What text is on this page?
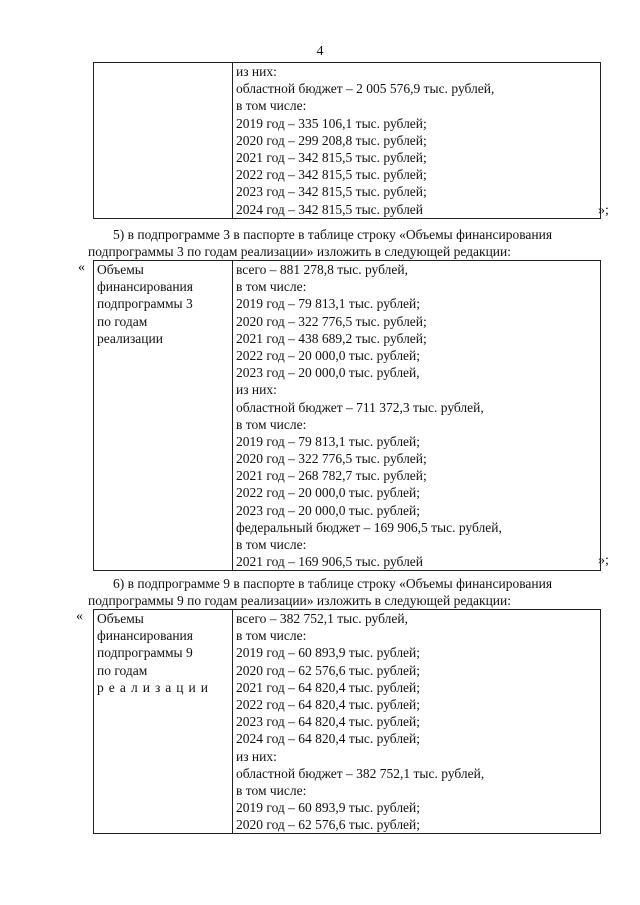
4

из них:
областной бюджет – 2 005 576,9 тыс. рублей,
в том числе:
2019 год – 335 106,1 тыс. рублей;
2020 год – 299 208,8 тыс. рублей;
2021 год – 342 815,5 тыс. рублей;
2022 год – 342 815,5 тыс. рублей;
2023 год – 342 815,5 тыс. рублей;
2024 год – 342 815,5 тыс. рублей	»;
5) в подпрограмме 3 в паспорте в таблице строку «Объемы финансирования
подпрограммы 3 по годам реализации» изложить в следующей редакции:
« Объемы
финансирования
подпрограммы 3
по годам
реализации

всего – 881 278,8 тыс. рублей,
в том числе:
2019 год – 79 813,1 тыс. рублей;
2020 год – 322 776,5 тыс. рублей;
2021 год – 438 689,2 тыс. рублей;
2022 год – 20 000,0 тыс. рублей;
2023 год – 20 000,0 тыс. рублей,
из них:
областной бюджет – 711 372,3 тыс. рублей,
в том числе:
2019 год – 79 813,1 тыс. рублей;
2020 год – 322 776,5 тыс. рублей;
2021 год – 268 782,7 тыс. рублей;
2022 год – 20 000,0 тыс. рублей;
2023 год – 20 000,0 тыс. рублей;
федеральный бюджет – 169 906,5 тыс. рублей,
в том числе:
2021 год – 169 906,5 тыс. рублей	»;
6) в подпрограмме 9 в паспорте в таблице строку «Объемы финансирования
подпрограммы 9 по годам реализации» изложить в следующей редакции:
« Объемы
финансирования
подпрограммы 9
по годам
реализации

всего – 382 752,1 тыс. рублей,
в том числе:
2019 год – 60 893,9 тыс. рублей;
2020 год – 62 576,6 тыс. рублей;
2021 год – 64 820,4 тыс. рублей;
2022 год – 64 820,4 тыс. рублей;
2023 год – 64 820,4 тыс. рублей;
2024 год – 64 820,4 тыс. рублей;
из них:
областной бюджет – 382 752,1 тыс. рублей,
в том числе:
2019 год – 60 893,9 тыс. рублей;
2020 год – 62 576,6 тыс. рублей;
